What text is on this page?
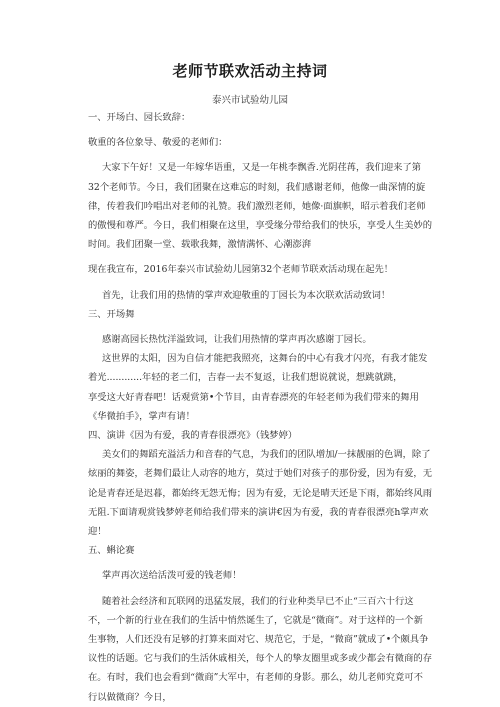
老师节联欢活动主持词
泰兴市试验幼儿园

一、开场白、园长致辞：

敬重的各位象导、敬爱的老师们：

大家下午好！又是一年嫁华语重，又是一年桃李飘香.光阴荏苒，我们迎来了第32个老师节。今日，我们团聚在这难忘的时刻，我们感谢老师，他像一曲深情的旋律，传着我们吟唱出对老师的礼赞。我们激烈老师，她像·面旗帜，昭示着我们老师的傲慢和尊严。今日，我们相聚在这里，享受缘分带给我们的快乐，享受人生美妙的时间。我们团聚一堂、载歌我舞，激情满怀、心潮澎湃

现在我宣布，2016年泰兴市试验幼儿园第32个老师节联欢活动现在起先！

首先，让我们用的热情的掌声欢迎敬重的丁园长为本次联欢活动致词！

三、开场舞

感谢高园长热忱洋溢致词，让我们用热情的掌声再次感谢丁园长。

这世界的太阳，因为自信才能把我照亮，这舞台的中心有我才闪亮，有我才能发着光............年轻的老二们，吉春一去不复返，让我们想说就说，想跳就跳，

享受这大好青春吧！话观赏第•个节目，由青春漂亮的年轻老师为我们带来的舞用《华微拍手》，掌声有请！

四、演讲《因为有爱，我的青春很漂亮》（钱梦婷）

美女们的舞蹈充溢活力和音春的气息，为我们的团队增加/一抹靓丽的色调，除了炫丽的舞姿，老舞们最让人动容的地方，莫过于她们对孩子的那份爱，因为有爱，无论是青春还是迟暮，都始终无怨无悔；因为有爱，无论是晴天还是下雨，都始终风雨无阻.下面请观赏钱梦婷老师给我们带来的演讲€因为有爱，我的青春很漂亮h掌声欢迎！

五、蝌论赛

掌声再次送给活泼可爱的钱老师！

随着社会经济和瓦联网的迅猛发展，我们的行业种类早已不止“三百六十行这不，一个新的行业在我们的生活中悄然诞生了，它就是“微商”。对于这样的一个新生事物，人们还没有足够的打算来面对它、规范它，于是，“微商”就成了•个颇具争议性的话题。它与我们的生活休戚相关，每个人的挚友圈里或多或少都会有微商的存在。有时，我们也会看到“微商”大军中，有老师的身影。那么，幼儿老师究竟可不行以做微商？今日，
